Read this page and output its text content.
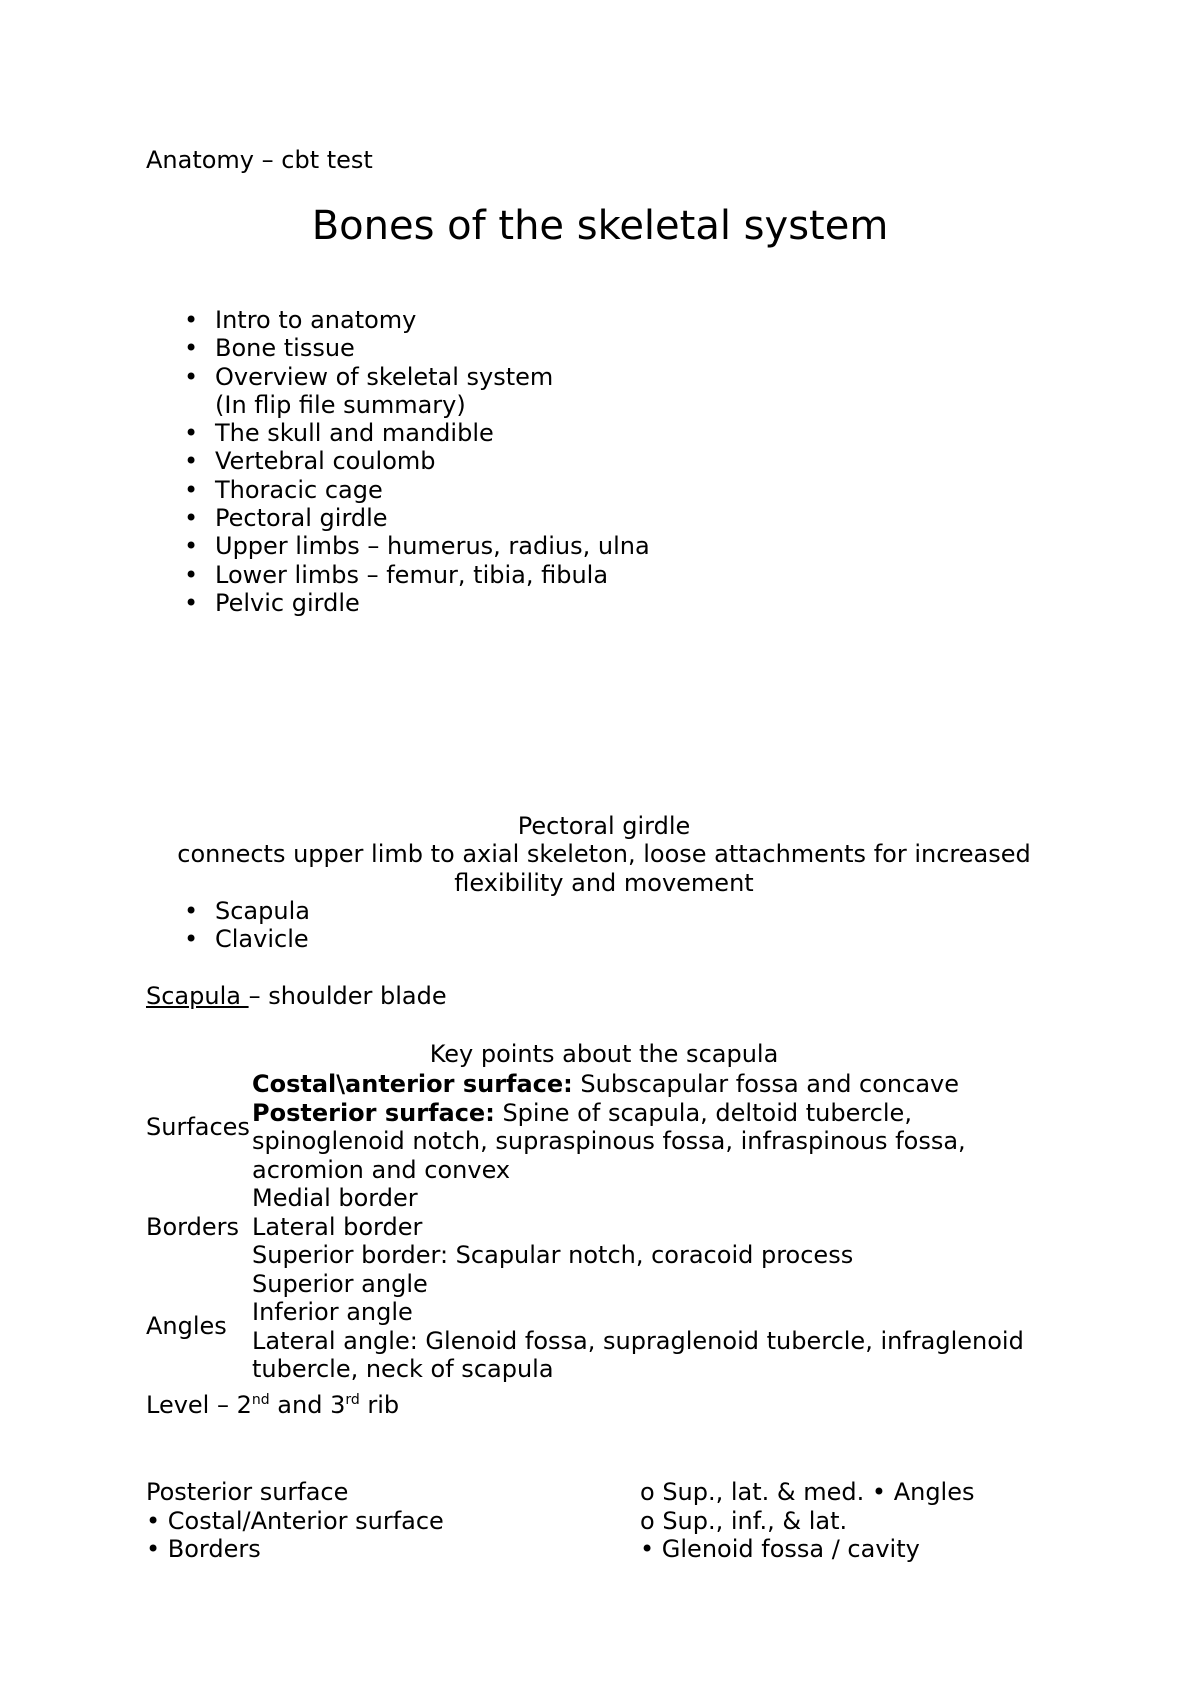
Anatomy – cbt test
Bones of the skeletal system
• Intro to anatomy
• Bone tissue
• Overview of skeletal system
(In flip file summary)
• The skull and mandible
• Vertebral coulomb
• Thoracic cage
• Pectoral girdle
• Upper limbs – humerus, radius, ulna
• Lower limbs – femur, tibia, fibula
• Pelvic girdle
Pectoral girdle
connects upper limb to axial skeleton, loose attachments for increased
flexibility and movement
• Scapula
• Clavicle
Scapula – shoulder blade
Key points about the scapula
Surfaces	Costal\anterior surface: Subscapular fossa and concave
Posterior surface: Spine of scapula, deltoid tubercle, spinoglenoid notch, supraspinous fossa, infraspinous fossa, acromion and convex

Borders	Medial border
Lateral border
Superior border: Scapular notch, coracoid process

Angles	Superior angle
Inferior angle
Lateral angle: Glenoid fossa, supraglenoid tubercle, infraglenoid tubercle, neck of scapula
Level – 2nd and 3rd rib
Posterior surface
• Costal/Anterior surface
• Borders
o Sup., lat. & med. • Angles
o Sup., inf., & lat.
• Glenoid fossa / cavity
